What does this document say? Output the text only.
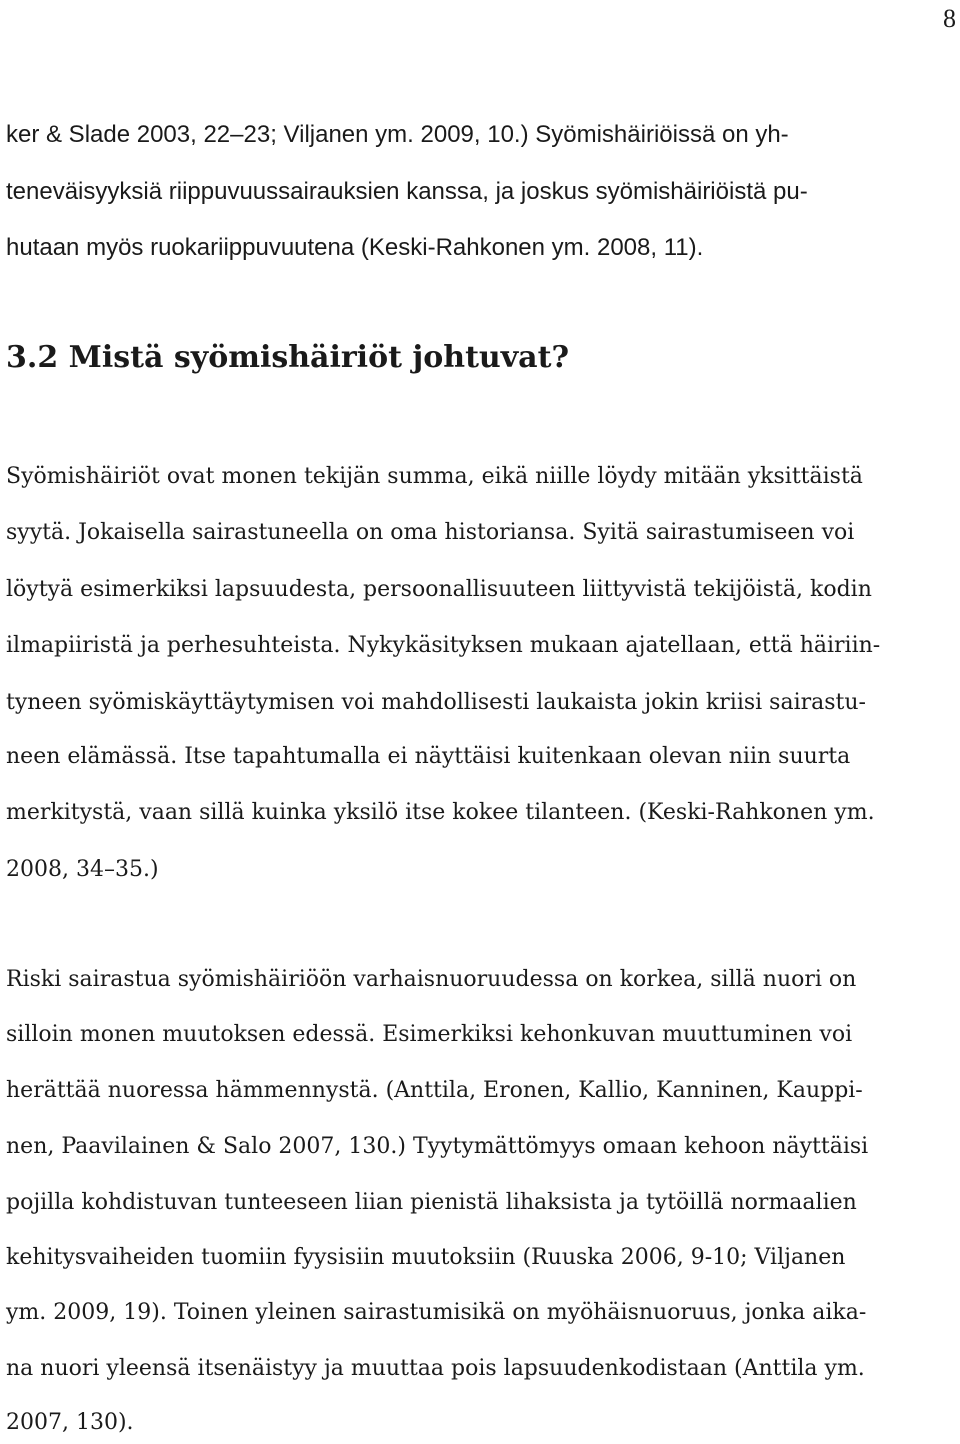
8

ker & Slade 2003, 22–23; Viljanen ym. 2009, 10.) Syömishäiriöissä on yh-

teneväisyyksiä riippuvuussairauksien kanssa, ja joskus syömishäiriöistä pu-

hutaan myös ruokariippuvuutena (Keski-Rahkonen ym. 2008, 11).

3.2 Mistä syömishäiriöt johtuvat?

Syömishäiriöt ovat monen tekijän summa, eikä niille löydy mitään yksittäistä

syytä. Jokaisella sairastuneella on oma historiansa. Syitä sairastumiseen voi

löytyä esimerkiksi lapsuudesta, persoonallisuuteen liittyvistä tekijöistä, kodin

ilmapiiristä ja perhesuhteista. Nykykäsityksen mukaan ajatellaan, että häiriin-

tyneen syömiskäyttäytymisen voi mahdollisesti laukaista jokin kriisi sairastu-

neen elämässä. Itse tapahtumalla ei näyttäisi kuitenkaan olevan niin suurta

merkitystä, vaan sillä kuinka yksilö itse kokee tilanteen. (Keski-Rahkonen ym.

2008, 34–35.)

Riski sairastua syömishäiriöön varhaisnuoruudessa on korkea, sillä nuori on

silloin monen muutoksen edessä. Esimerkiksi kehonkuvan muuttuminen voi

herättää nuoressa hämmennystä. (Anttila, Eronen, Kallio, Kanninen, Kauppi-

nen, Paavilainen & Salo 2007, 130.) Tyytymättömyys omaan kehoon näyttäisi

pojilla kohdistuvan tunteeseen liian pienistä lihaksista ja tytöillä normaalien

kehitysvaiheiden tuomiin fyysisiin muutoksiin (Ruuska 2006, 9-10; Viljanen

ym. 2009, 19). Toinen yleinen sairastumisikä on myöhäisnuoruus, jonka aika-

na nuori yleensä itsenäistyy ja muuttaa pois lapsuudenkodistaan (Anttila ym.

2007, 130).
